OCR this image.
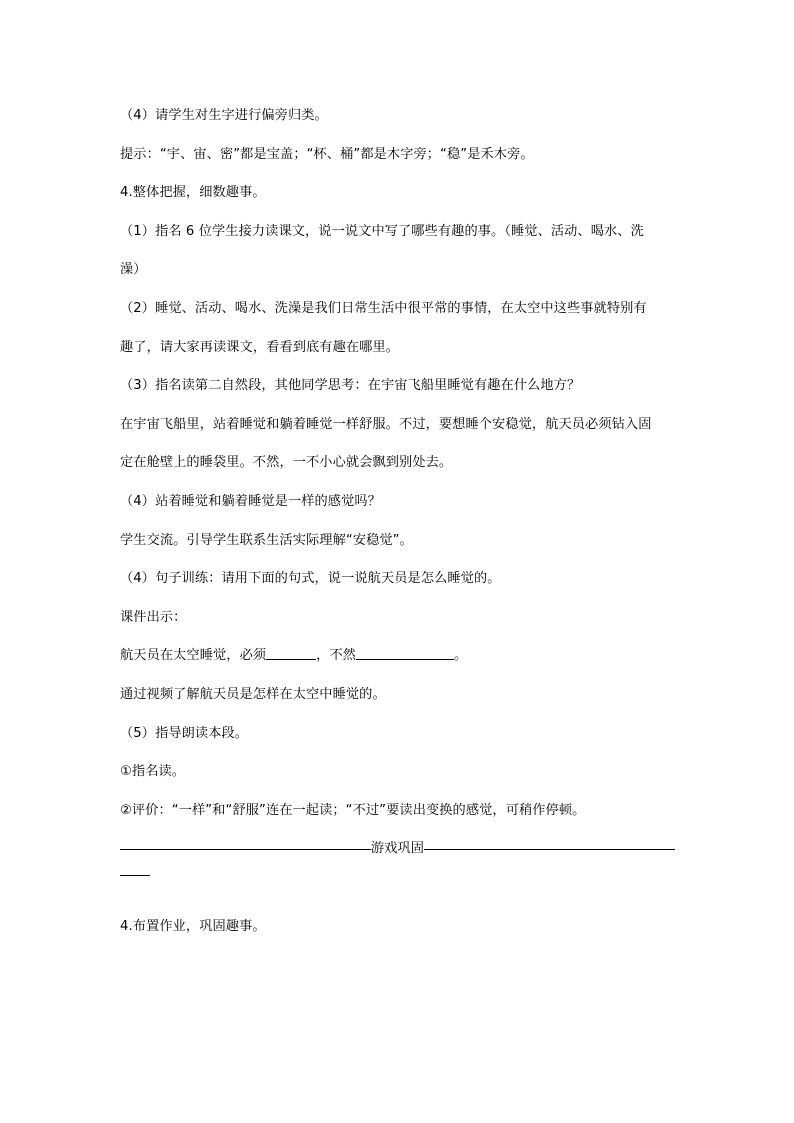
（4）请学生对生字进行偏旁归类。
提示：“宇、宙、密”都是宝盖；“杯、桶”都是木字旁；“稳”是禾木旁。
4.整体把握，细数趣事。
（1）指名 6 位学生接力读课文，说一说文中写了哪些有趣的事。（睡觉、活动、喝水、洗
澡）
（2）睡觉、活动、喝水、洗澡是我们日常生活中很平常的事情，在太空中这些事就特别有
趣了，请大家再读课文，看看到底有趣在哪里。
（3）指名读第二自然段，其他同学思考：在宇宙飞船里睡觉有趣在什么地方？
在宇宙飞船里，站着睡觉和躺着睡觉一样舒服。不过，要想睡个安稳觉，航天员必须钻入固
定在舱壁上的睡袋里。不然，一不小心就会飘到别处去。
（4）站着睡觉和躺着睡觉是一样的感觉吗？
学生交流。引导学生联系生活实际理解“安稳觉”。
（4）句子训练：请用下面的句式，说一说航天员是怎么睡觉的。
课件出示：
航天员在太空睡觉，必须	，不然	。
通过视频了解航天员是怎样在太空中睡觉的。
（5）指导朗读本段。
①指名读。
②评价：“一样”和“舒服”连在一起读；“不过”要读出变换的感觉，可稍作停顿。
游戏巩固
4.布置作业，巩固趣事。
